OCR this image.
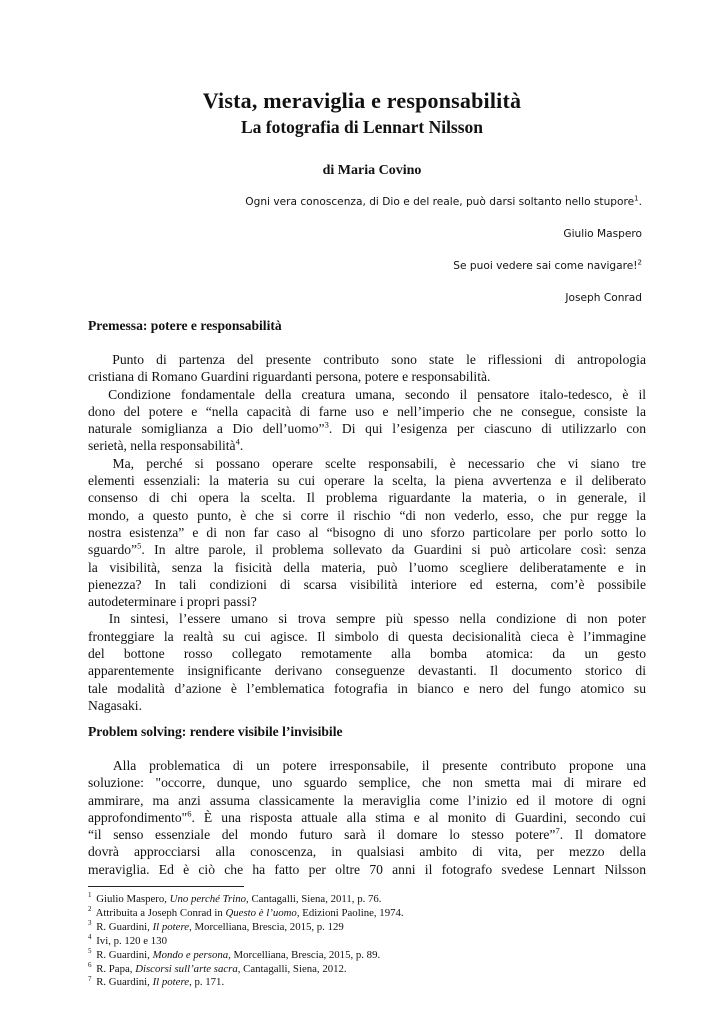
Vista, meraviglia e responsabilità
La fotografia di Lennart Nilsson
di Maria Covino
Ogni vera conoscenza, di Dio e del reale, può darsi soltanto nello stupore$^1$.
Giulio Maspero
Se puoi vedere sai come navigare!$^2$
Joseph Conrad
Premessa: potere e responsabilità
Punto di partenza del presente contributo sono state le riflessioni di antropologia
cristiana di Romano Guardini riguardanti persona, potere e responsabilità.
Condizione fondamentale della creatura umana, secondo il pensatore italo-tedesco, è il
dono del potere e “nella capacità di farne uso e nell’imperio che ne consegue, consiste la
naturale somiglianza a Dio dell’uomo”$^3$. Di qui l’esigenza per ciascuno di utilizzarlo con
serietà, nella responsabilità$^4$.
Ma, perché si possano operare scelte responsabili, è necessario che vi siano tre
elementi essenziali: la materia su cui operare la scelta, la piena avvertenza e il deliberato
consenso di chi opera la scelta. Il problema riguardante la materia, o in generale, il
mondo, a questo punto, è che si corre il rischio “di non vederlo, esso, che pur regge la
nostra esistenza” e di non far caso al “bisogno di uno sforzo particolare per porlo sotto lo
sguardo”$^5$. In altre parole, il problema sollevato da Guardini si può articolare così: senza
la visibilità, senza la fisicità della materia, può l’uomo scegliere deliberatamente e in
pienezza? In tali condizioni di scarsa visibilità interiore ed esterna, com’è possibile
autodeterminare i propri passi?
In sintesi, l’essere umano si trova sempre più spesso nella condizione di non poter
fronteggiare la realtà su cui agisce. Il simbolo di questa decisionalità cieca è l’immagine
del bottone rosso collegato remotamente alla bomba atomica: da un gesto
apparentemente insignificante derivano conseguenze devastanti. Il documento storico di
tale modalità d’azione è l’emblematica fotografia in bianco e nero del fungo atomico su
Nagasaki.
Problem solving: rendere visibile l’invisibile
Alla problematica di un potere irresponsabile, il presente contributo propone una
soluzione: "occorre, dunque, uno sguardo semplice, che non smetta mai di mirare ed
ammirare, ma anzi assuma classicamente la meraviglia come l’inizio ed il motore di ogni
approfondimento"$^6$. È una risposta attuale alla stima e al monito di Guardini, secondo cui
“il senso essenziale del mondo futuro sarà il domare lo stesso potere”$^7$. Il domatore
dovrà approcciarsi alla conoscenza, in qualsiasi ambito di vita, per mezzo della
meraviglia. Ed è ciò che ha fatto per oltre 70 anni il fotografo svedese Lennart Nilsson
$^1$ Giulio Maspero, Uno perché Trino, Cantagalli, Siena, 2011, p. 76.
$^2$ Attribuita a Joseph Conrad in Questo è l’uomo, Edizioni Paoline, 1974.
$^3$ R. Guardini, Il potere, Morcelliana, Brescia, 2015, p. 129
$^4$ Ivi, p. 120 e 130
$^5$ R. Guardini, Mondo e persona, Morcelliana, Brescia, 2015, p. 89.
$^6$ R. Papa, Discorsi sull’arte sacra, Cantagalli, Siena, 2012.
$^7$ R. Guardini, Il potere, p. 171.
